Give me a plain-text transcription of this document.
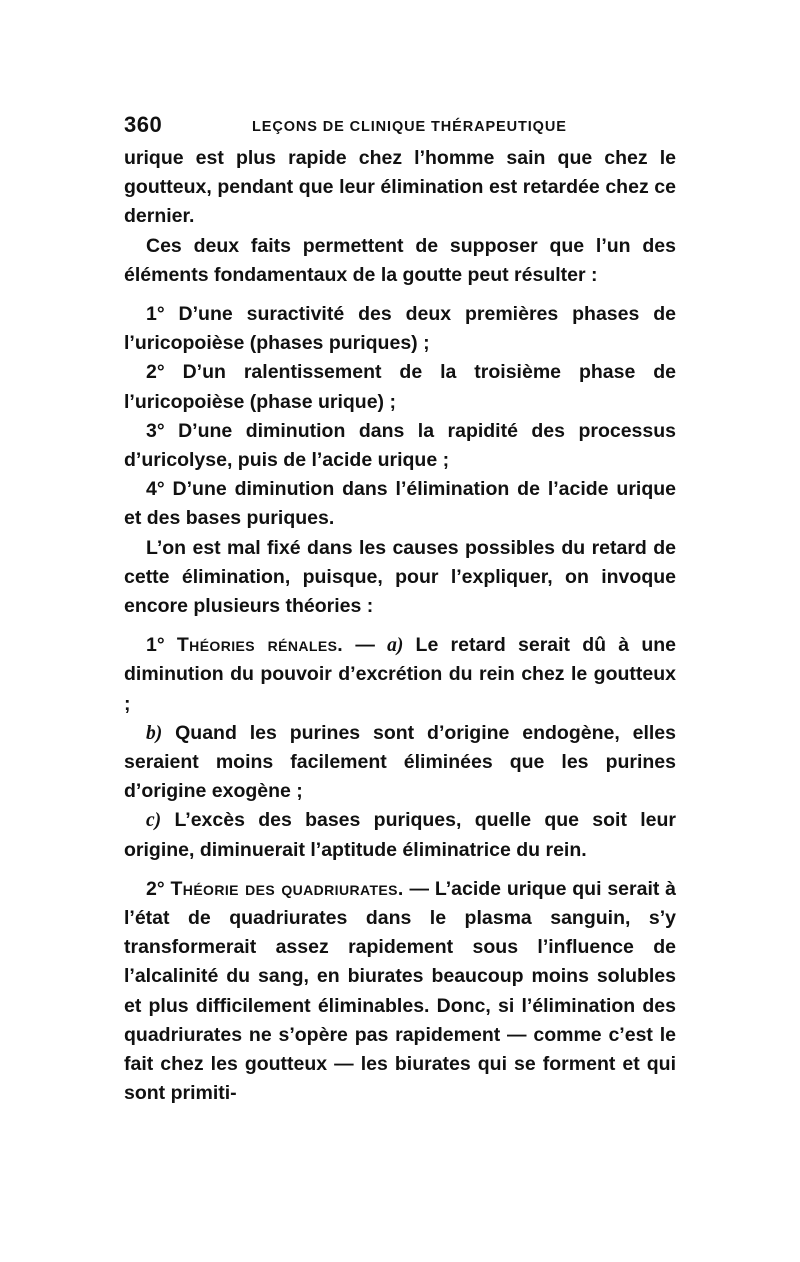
360	LEÇONS DE CLINIQUE THÉRAPEUTIQUE

urique est plus rapide chez l’homme sain que chez le goutteux, pendant que leur élimination est retardée chez ce dernier.

Ces deux faits permettent de supposer que l’un des éléments fondamentaux de la goutte peut résulter :

1° D’une suractivité des deux premières phases de l’uricopoièse (phases puriques) ;

2° D’un ralentissement de la troisième phase de l’uricopoièse (phase urique) ;

3° D’une diminution dans la rapidité des processus d’uricolyse, puis de l’acide urique ;

4° D’une diminution dans l’élimination de l’acide urique et des bases puriques.

L’on est mal fixé dans les causes possibles du retard de cette élimination, puisque, pour l’expliquer, on invoque encore plusieurs théories :

1° Théories rénales. — a) Le retard serait dû à une diminution du pouvoir d’excrétion du rein chez le goutteux ;

b) Quand les purines sont d’origine endogène, elles seraient moins facilement éliminées que les purines d’origine exogène ;

c) L’excès des bases puriques, quelle que soit leur origine, diminuerait l’aptitude éliminatrice du rein.

2° Théorie des quadriurates. — L’acide urique qui serait à l’état de quadriurates dans le plasma sanguin, s’y transformerait assez rapidement sous l’influence de l’alcalinité du sang, en biurates beaucoup moins solubles et plus difficilement éliminables. Donc, si l’élimination des quadriurates ne s’opère pas rapidement — comme c’est le fait chez les goutteux — les biurates qui se forment et qui sont primiti-
